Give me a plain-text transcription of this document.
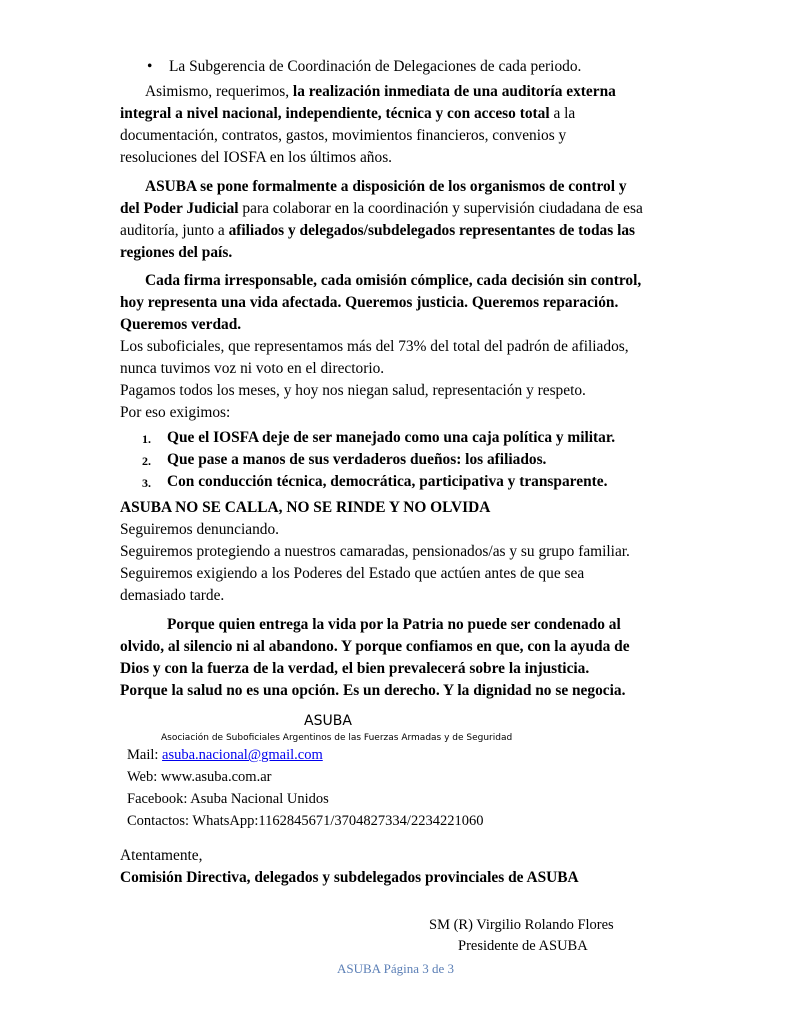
• La Subgerencia de Coordinación de Delegaciones de cada periodo.
Asimismo, requerimos, la realización inmediata de una auditoría externa
integral a nivel nacional, independiente, técnica y con acceso total a la
documentación, contratos, gastos, movimientos financieros, convenios y
resoluciones del IOSFA en los últimos años.
ASUBA se pone formalmente a disposición de los organismos de control y
del Poder Judicial para colaborar en la coordinación y supervisión ciudadana de esa
auditoría, junto a afiliados y delegados/subdelegados representantes de todas las
regiones del país.
Cada firma irresponsable, cada omisión cómplice, cada decisión sin control,
hoy representa una vida afectada. Queremos justicia. Queremos reparación.
Queremos verdad.
Los suboficiales, que representamos más del 73% del total del padrón de afiliados,
nunca tuvimos voz ni voto en el directorio.
Pagamos todos los meses, y hoy nos niegan salud, representación y respeto.
Por eso exigimos:
1. Que el IOSFA deje de ser manejado como una caja política y militar.
2. Que pase a manos de sus verdaderos dueños: los afiliados.
3. Con conducción técnica, democrática, participativa y transparente.
ASUBA NO SE CALLA, NO SE RINDE Y NO OLVIDA
Seguiremos denunciando.
Seguiremos protegiendo a nuestros camaradas, pensionados/as y su grupo familiar.
Seguiremos exigiendo a los Poderes del Estado que actúen antes de que sea
demasiado tarde.
Porque quien entrega la vida por la Patria no puede ser condenado al
olvido, al silencio ni al abandono. Y porque confiamos en que, con la ayuda de
Dios y con la fuerza de la verdad, el bien prevalecerá sobre la injusticia.
Porque la salud no es una opción. Es un derecho. Y la dignidad no se negocia.
ASUBA
Asociación de Suboficiales Argentinos de las Fuerzas Armadas y de Seguridad
Mail: asuba.nacional@gmail.com
Web: www.asuba.com.ar
Facebook: Asuba Nacional Unidos
Contactos: WhatsApp:1162845671/3704827334/2234221060
Atentamente,
Comisión Directiva, delegados y subdelegados provinciales de ASUBA
SM (R) Virgilio Rolando Flores
Presidente de ASUBA
ASUBA Página 3 de 3
